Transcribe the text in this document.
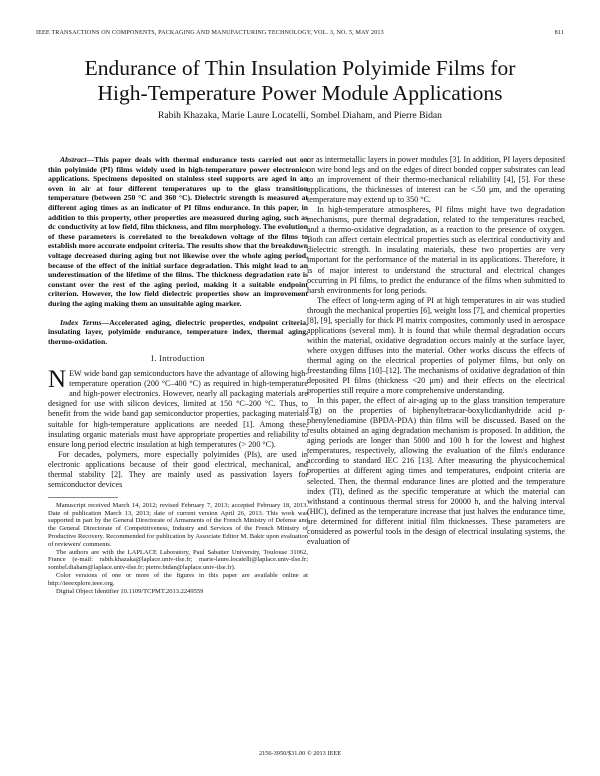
IEEE TRANSACTIONS ON COMPONENTS, PACKAGING AND MANUFACTURING TECHNOLOGY, VOL. 3, NO. 5, MAY 2013	811
Endurance of Thin Insulation Polyimide Films for
High-Temperature Power Module Applications
Rabih Khazaka, Marie Laure Locatelli, Sombel Diaham, and Pierre Bidan

Abstract—This paper deals with thermal endurance tests carried out on thin polyimide (PI) films widely used in high-temperature power electronics applications. Specimens deposited on stainless steel supports are aged in an oven in air at four different temperatures up to the glass transition temperature (between 250 °C and 360 °C). Dielectric strength is measured at different aging times as an indicator of PI films endurance. In this paper, in addition to this property, other properties are measured during aging, such as dc conductivity at low field, film thickness, and film morphology. The evolution of these parameters is correlated to the breakdown voltage of the films to establish more accurate endpoint criteria. The results show that the breakdown voltage decreased during aging but not likewise over the whole aging period, because of the effect of the initial surface degradation. This might lead to an underestimation of the lifetime of the films. The thickness degradation rate is constant over the rest of the aging period, making it a suitable endpoint criterion. However, the low field dielectric properties show an improvement during the aging making them an unsuitable aging marker.

Index Terms—Accelerated aging, dielectric properties, endpoint criteria, insulating layer, polyimide endurance, temperature index, thermal aging, thermo-oxidation.

I. Introduction

NEW wide band gap semiconductors have the advantage of allowing high-temperature operation (200 °C–400 °C) as required in high-temperature and high-power electronics. However, nearly all packaging materials are designed for use with silicon devices, limited at 150 °C–200 °C. Thus, to benefit from the wide band gap semiconductor properties, packaging materials suitable for high-temperature applications are needed [1]. Among these, insulating organic materials must have appropriate properties and reliability to ensure long period electric insulation at high temperatures (> 200 °C).

For decades, polymers, more especially polyimides (PIs), are used in electronic applications because of their good electrical, mechanical, and thermal stability [2]. They are mainly used as passivation layers for semiconductor devices

Manuscript received March 14, 2012; revised February 7, 2013; accepted February 18, 2013. Date of publication March 13, 2013; date of current version April 26, 2013. This work was supported in part by the General Directorate of Armaments of the French Ministry of Defense and the General Directorate of Competitiveness, Industry and Services of the French Ministry of Productive Recovery. Recommended for publication by Associate Editor M. Bakir upon evaluation of reviewers' comments.

The authors are with the LAPLACE Laboratory, Paul Sabatier University, Toulouse 31062, France (e-mail: rabih.khazaka@laplace.univ-tlse.fr; marie-laure.locatelli@laplace.univ-tlse.fr; sombel.diaham@laplace.univ-tlse.fr; pierre.bidan@laplace.univ-tlse.fr).

Color versions of one or more of the figures in this paper are available online at http://ieeexplore.ieee.org.

Digital Object Identifier 10.1109/TCPMT.2013.2249559

or as intermetallic layers in power modules [3]. In addition, PI layers deposited on wire bond legs and on the edges of direct bonded copper substrates can lead to an improvement of their thermo-mechanical reliability [4], [5]. For these applications, the thicknesses of interest can be <.50 μm, and the operating temperature may extend up to 350 °C.

In high-temperature atmospheres, PI films might have two degradation mechanisms, pure thermal degradation, related to the temperatures reached, and a thermo-oxidative degradation, as a reaction to the presence of oxygen. Both can affect certain electrical properties such as electrical conductivity and dielectric strength. In insulating materials, these two properties are very important for the performance of the material in its applications. Therefore, it is of major interest to understand the structural and electrical changes occurring in PI films, to predict the endurance of the films when submitted to harsh environments for long periods.

The effect of long-term aging of PI at high temperatures in air was studied through the mechanical properties [6], weight loss [7], and chemical properties [8], [9], specially for thick PI matrix composites, commonly used in aerospace applications (several mm). It is found that while thermal degradation occurs within the material, oxidative degradation occurs mainly at the surface layer, where oxygen diffuses into the material. Other works discuss the effects of thermal aging on the electrical properties of polymer films, but only on freestanding films [10]–[12]. The mechanisms of oxidative degradation of thin deposited PI films (thickness <20 μm) and their effects on the electrical properties still require a more comprehensive understanding.

In this paper, the effect of air-aging up to the glass transition temperature (Tg) on the properties of biphenyltetracar-boxylicdianhydride acid p-phenylenediamine (BPDA-PDA) thin films will be discussed. Based on the results obtained an aging degradation mechanism is proposed. In addition, the aging periods are longer than 5000 and 100 h for the lowest and highest temperatures, respectively, allowing the evaluation of the film's endurance according to standard IEC 216 [13]. After measuring the physicochemical properties at different aging times and temperatures, endpoint criteria are selected. Then, the thermal endurance lines are plotted and the temperature index (TI), defined as the specific temperature at which the material can withstand a continuous thermal stress for 20000 h, and the halving interval (HIC), defined as the temperature increase that just halves the endurance time, are determined for different initial film thicknesses. These parameters are considered as powerful tools in the design of electrical insulating systems, the evaluation of

2156-3950/$31.00 © 2013 IEEE
